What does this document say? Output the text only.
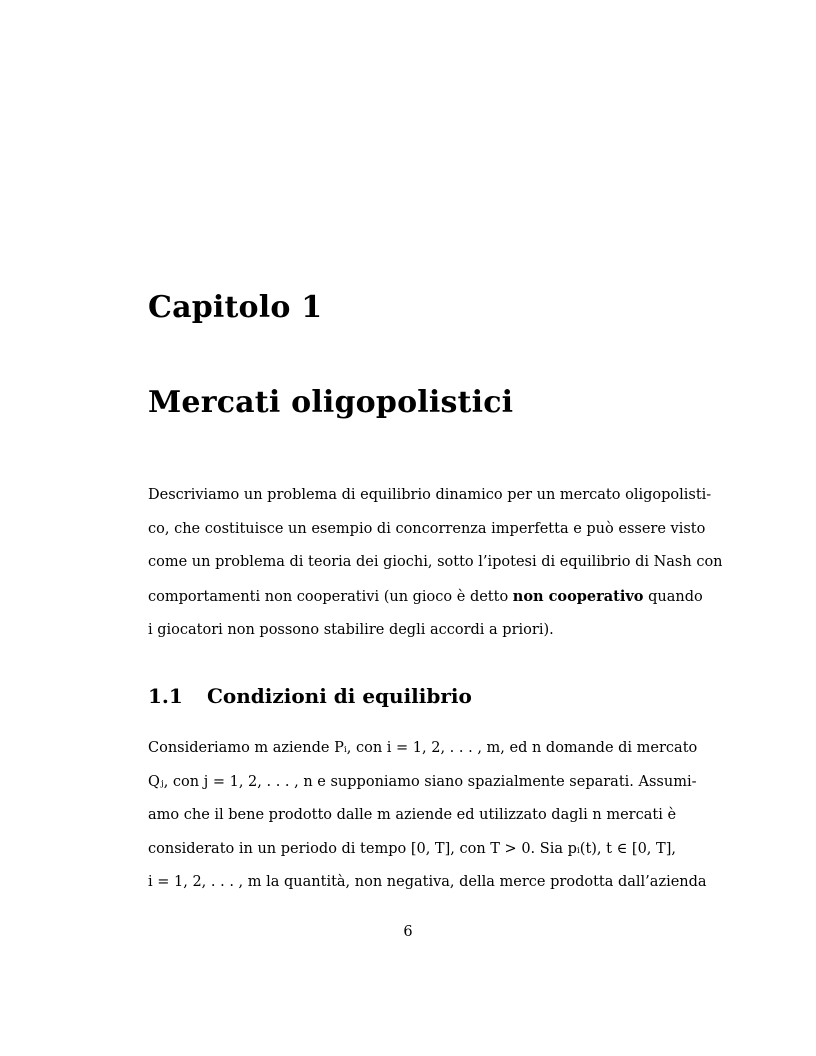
Capitolo 1
Mercati oligopolistici
Descriviamo un problema di equilibrio dinamico per un mercato oligopolisti-
co, che costituisce un esempio di concorrenza imperfetta e può essere visto
come un problema di teoria dei giochi, sotto l’ipotesi di equilibrio di Nash con
comportamenti non cooperativi (un gioco è detto non cooperativo quando
i giocatori non possono stabilire degli accordi a priori).
1.1 Condizioni di equilibrio
Consideriamo m aziende Pᵢ, con i = 1, 2, . . . , m, ed n domande di mercato
Qⱼ, con j = 1, 2, . . . , n e supponiamo siano spazialmente separati. Assumi-
amo che il bene prodotto dalle m aziende ed utilizzato dagli n mercati è
considerato in un periodo di tempo [0, T], con T > 0. Sia pᵢ(t), t ∈ [0, T],
i = 1, 2, . . . , m la quantità, non negativa, della merce prodotta dall’azienda
6
